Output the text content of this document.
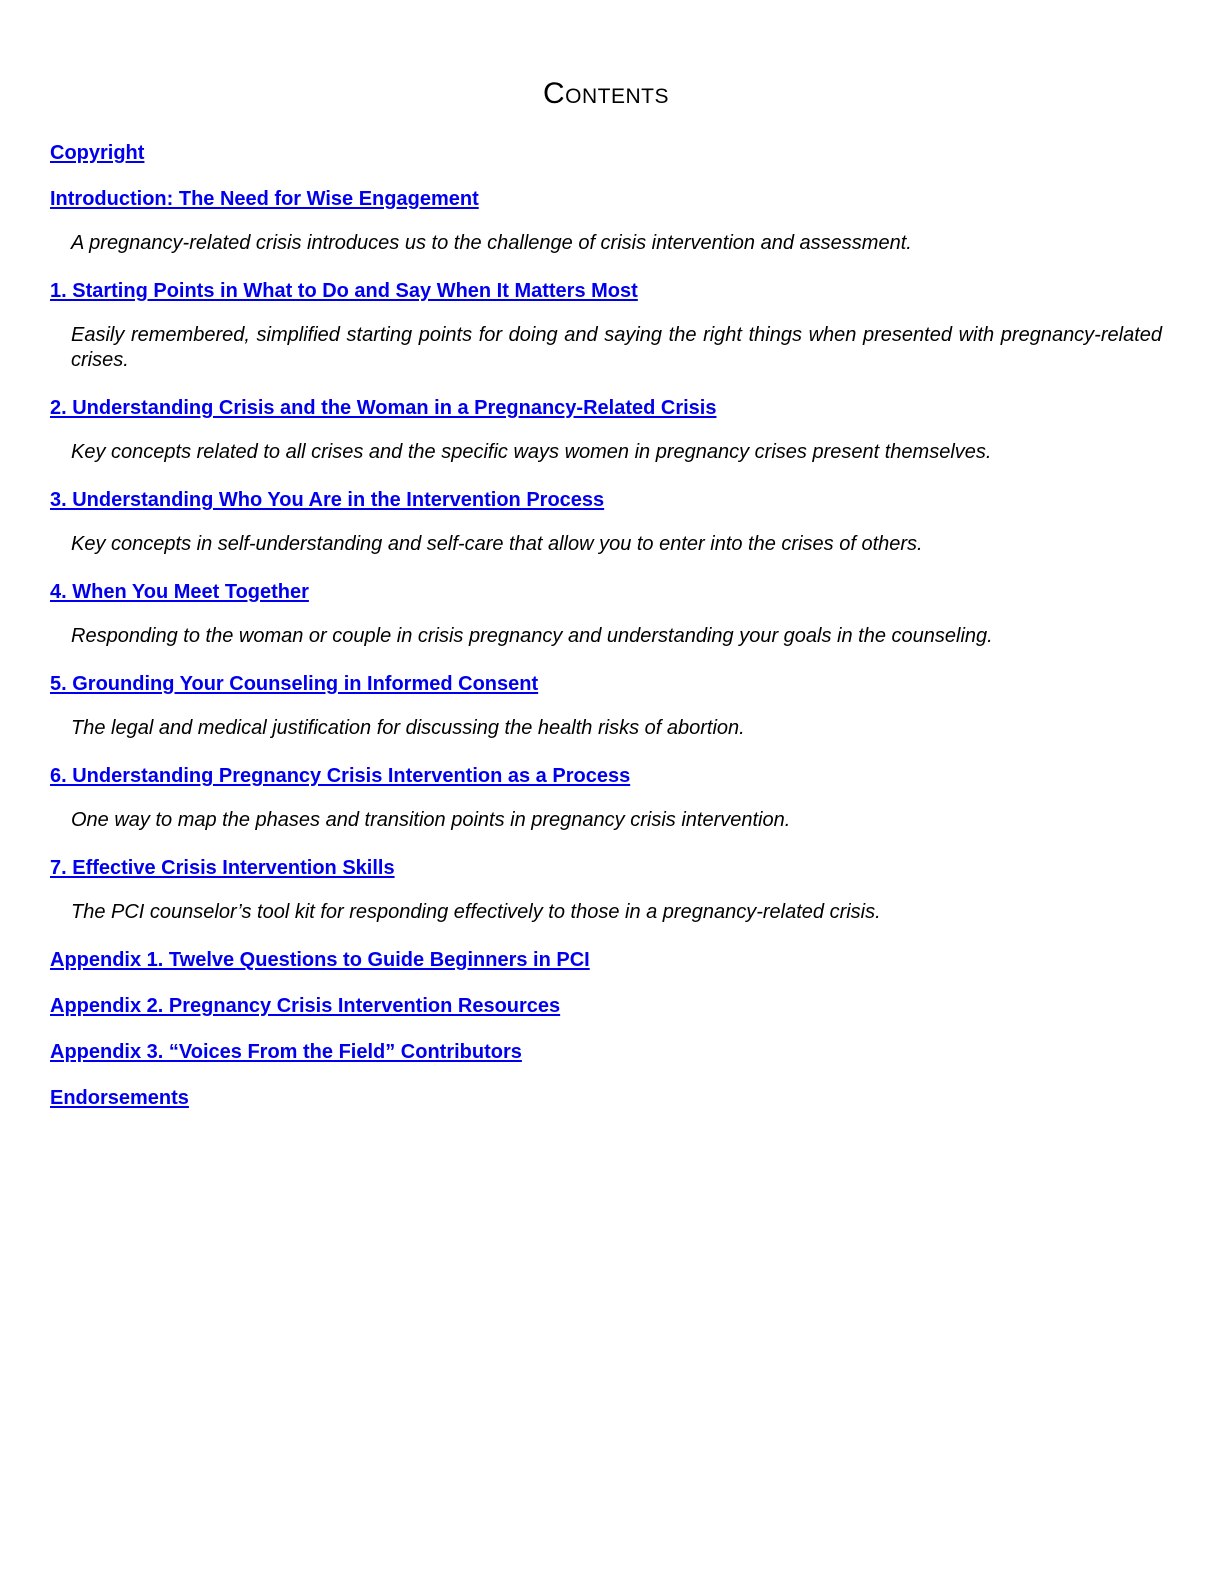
Contents
Copyright
Introduction: The Need for Wise Engagement

A pregnancy-related crisis introduces us to the challenge of crisis intervention and assessment.

1. Starting Points in What to Do and Say When It Matters Most

Easily remembered, simplified starting points for doing and saying the right things when presented with pregnancy-related crises.

2. Understanding Crisis and the Woman in a Pregnancy-Related Crisis

Key concepts related to all crises and the specific ways women in pregnancy crises present themselves.

3. Understanding Who You Are in the Intervention Process

Key concepts in self-understanding and self-care that allow you to enter into the crises of others.

4. When You Meet Together

Responding to the woman or couple in crisis pregnancy and understanding your goals in the counseling.

5. Grounding Your Counseling in Informed Consent

The legal and medical justification for discussing the health risks of abortion.

6. Understanding Pregnancy Crisis Intervention as a Process

One way to map the phases and transition points in pregnancy crisis intervention.

7. Effective Crisis Intervention Skills

The PCI counselor’s tool kit for responding effectively to those in a pregnancy-related crisis.

Appendix 1. Twelve Questions to Guide Beginners in PCI
Appendix 2. Pregnancy Crisis Intervention Resources
Appendix 3. “Voices From the Field” Contributors
Endorsements
